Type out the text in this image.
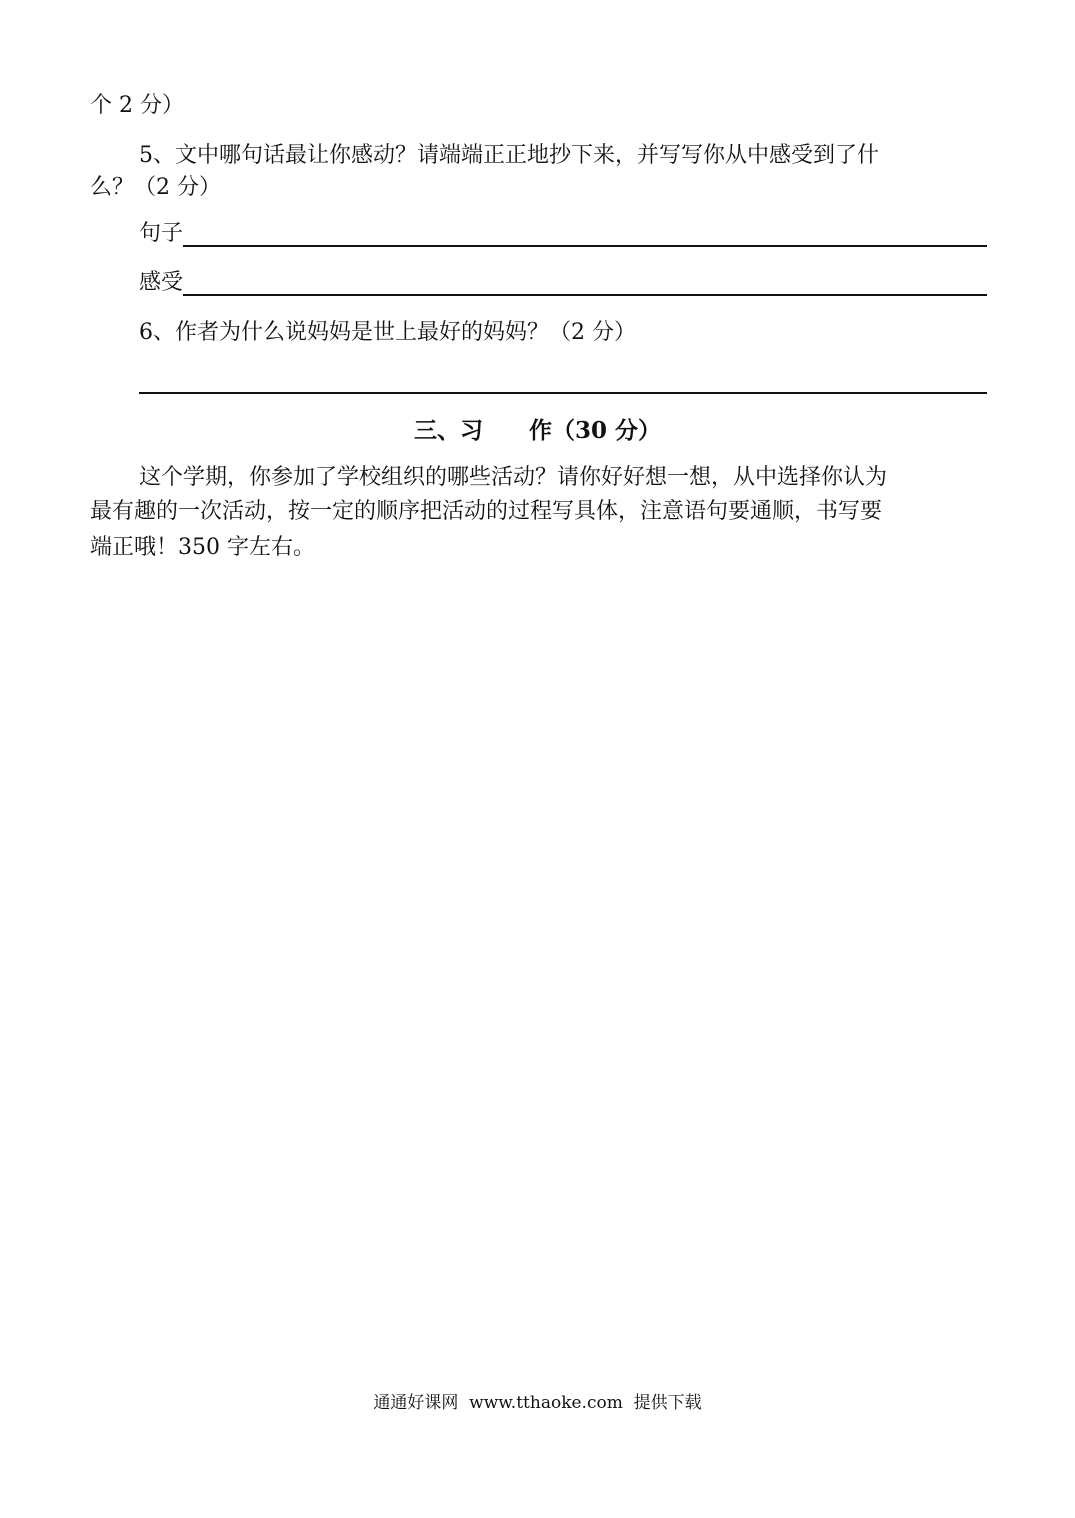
个 2 分）
5、文中哪句话最让你感动？请端端正正地抄下来，并写写你从中感受到了什
么？（2 分）
句子
感受
6、作者为什么说妈妈是世上最好的妈妈？（2 分）
三、习　　作（30 分）
这个学期，你参加了学校组织的哪些活动？请你好好想一想，从中选择你认为
最有趣的一次活动，按一定的顺序把活动的过程写具体，注意语句要通顺，书写要
端正哦！350 字左右。
通通好课网  www.tthaoke.com  提供下载
